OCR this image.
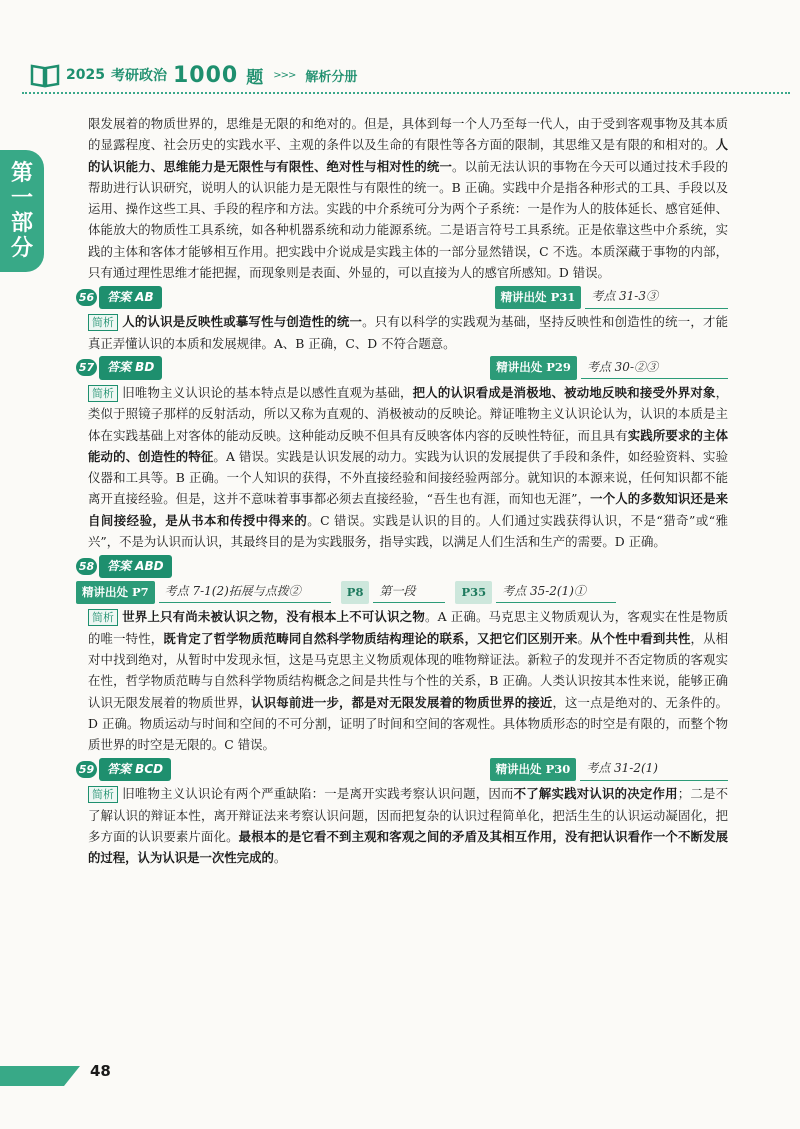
2025 考研政治 1000 题 >>> 解析分册
第
一
部
分

限发展着的物质世界的，思维是无限的和绝对的。但是，具体到每一个人乃至每一代人，由于受到客观事物及其本质的显露程度、社会历史的实践水平、主观的条件以及生命的有限性等各方面的限制，其思维又是有限的和相对的。人的认识能力、思维能力是无限性与有限性、绝对性与相对性的统一。以前无法认识的事物在今天可以通过技术手段的帮助进行认识研究，说明人的认识能力是无限性与有限性的统一。B 正确。实践中介是指各种形式的工具、手段以及运用、操作这些工具、手段的程序和方法。实践的中介系统可分为两个子系统：一是作为人的肢体延长、感官延伸、体能放大的物质性工具系统，如各种机器系统和动力能源系统。二是语言符号工具系统。正是依靠这些中介系统，实践的主体和客体才能够相互作用。把实践中介说成是实践主体的一部分显然错误，C 不选。本质深藏于事物的内部，只有通过理性思维才能把握，而现象则是表面、外显的，可以直接为人的感官所感知。D 错误。

56	答案 AB	精讲出处 P31	考点 31-3③

简析 人的认识是反映性或摹写性与创造性的统一。只有以科学的实践观为基础，坚持反映性和创造性的统一，才能真正弄懂认识的本质和发展规律。A、B 正确，C、D 不符合题意。

57	答案 BD	精讲出处 P29	考点 30-②③

简析 旧唯物主义认识论的基本特点是以感性直观为基础，把人的认识看成是消极地、被动地反映和接受外界对象，类似于照镜子那样的反射活动，所以又称为直观的、消极被动的反映论。辩证唯物主义认识论认为，认识的本质是主体在实践基础上对客体的能动反映。这种能动反映不但具有反映客体内容的反映性特征，而且具有实践所要求的主体能动的、创造性的特征。A 错误。实践是认识发展的动力。实践为认识的发展提供了手段和条件，如经验资料、实验仪器和工具等。B 正确。一个人知识的获得，不外直接经验和间接经验两部分。就知识的本源来说，任何知识都不能离开直接经验。但是，这并不意味着事事都必须去直接经验，“吾生也有涯，而知也无涯”，一个人的多数知识还是来自间接经验，是从书本和传授中得来的。C 错误。实践是认识的目的。人们通过实践获得认识，不是“猎奇”或“雅兴”，不是为认识而认识，其最终目的是为实践服务，指导实践，以满足人们生活和生产的需要。D 正确。

58	答案 ABD
精讲出处 P7	考点 7-1(2)拓展与点拨②	P8	第一段	P35	考点 35-2(1)①

简析 世界上只有尚未被认识之物，没有根本上不可认识之物。A 正确。马克思主义物质观认为，客观实在性是物质的唯一特性，既肯定了哲学物质范畴同自然科学物质结构理论的联系，又把它们区别开来。从个性中看到共性，从相对中找到绝对，从暂时中发现永恒，这是马克思主义物质观体现的唯物辩证法。新粒子的发现并不否定物质的客观实在性，哲学物质范畴与自然科学物质结构概念之间是共性与个性的关系，B 正确。人类认识按其本性来说，能够正确认识无限发展着的物质世界，认识每前进一步，都是对无限发展着的物质世界的接近，这一点是绝对的、无条件的。D 正确。物质运动与时间和空间的不可分割，证明了时间和空间的客观性。具体物质形态的时空是有限的，而整个物质世界的时空是无限的。C 错误。

59	答案 BCD	精讲出处 P30	考点 31-2(1)

简析 旧唯物主义认识论有两个严重缺陷：一是离开实践考察认识问题，因而不了解实践对认识的决定作用；二是不了解认识的辩证本性，离开辩证法来考察认识问题，因而把复杂的认识过程简单化，把活生生的认识运动凝固化，把多方面的认识要素片面化。最根本的是它看不到主观和客观之间的矛盾及其相互作用，没有把认识看作一个不断发展的过程，认为认识是一次性完成的。

48
